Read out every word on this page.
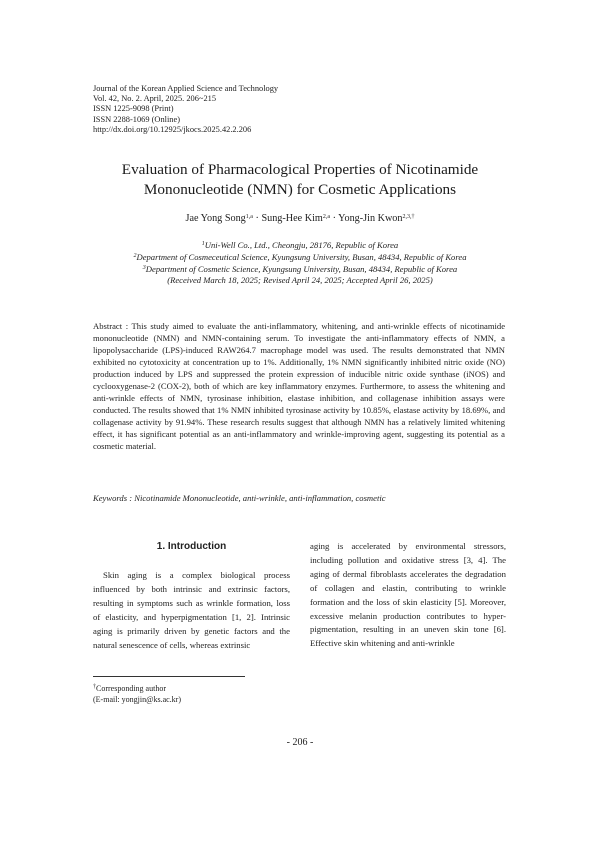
Journal of the Korean Applied Science and Technology
Vol. 42, No. 2. April, 2025. 206~215
ISSN 1225-9098 (Print)
ISSN 2288-1069 (Online)
http://dx.doi.org/10.12925/jkocs.2025.42.2.206
Evaluation of Pharmacological Properties of Nicotinamide
Mononucleotide (NMN) for Cosmetic Applications
Jae Yong Song$^{1,a}$ · Sung-Hee Kim$^{2,a}$ · Yong-Jin Kwon$^{2,3,\dagger}$
$^1$Uni-Well Co., Ltd., Cheongju, 28176, Republic of Korea
$^2$Department of Cosmeceutical Science, Kyungsung University, Busan, 48434, Republic of Korea
$^3$Department of Cosmetic Science, Kyungsung University, Busan, 48434, Republic of Korea
(Received March 18, 2025; Revised April 24, 2025; Accepted April 26, 2025)
Abstract : This study aimed to evaluate the anti-inflammatory, whitening, and anti-wrinkle effects of nicotinamide mononucleotide (NMN) and NMN-containing serum. To investigate the anti-inflammatory effects of NMN, a lipopolysaccharide (LPS)-induced RAW264.7 macrophage model was used. The results demonstrated that NMN exhibited no cytotoxicity at concentration up to 1%. Additionally, 1% NMN significantly inhibited nitric oxide (NO) production induced by LPS and suppressed the protein expression of inducible nitric oxide synthase (iNOS) and cyclooxygenase-2 (COX-2), both of which are key inflammatory enzymes. Furthermore, to assess the whitening and anti-wrinkle effects of NMN, tyrosinase inhibition, elastase inhibition, and collagenase inhibition assays were conducted. The results showed that 1% NMN inhibited tyrosinase activity by 10.85%, elastase activity by 18.69%, and collagenase activity by 91.94%. These research results suggest that although NMN has a relatively limited whitening effect, it has significant potential as an anti-inflammatory and wrinkle-improving agent, suggesting its potential as a cosmetic material.
Keywords : Nicotinamide Mononucleotide, anti-wrinkle, anti-inflammation, cosmetic
1. Introduction
Skin aging is a complex biological process influenced by both intrinsic and extrinsic factors, resulting in symptoms such as wrinkle formation, loss of elasticity, and hyperpigmentation [1, 2]. Intrinsic aging is primarily driven by genetic factors and the natural senescence of cells, whereas extrinsic
aging is accelerated by environmental stressors, including pollution and oxidative stress [3, 4]. The aging of dermal fibroblasts accelerates the degradation of collagen and elastin, contributing to wrinkle formation and the loss of skin elasticity [5]. Moreover, excessive melanin production contributes to hyper-pigmentation, resulting in an uneven skin tone [6]. Effective skin whitening and anti-wrinkle
†Corresponding author
(E-mail: yongjin@ks.ac.kr)
- 206 -
